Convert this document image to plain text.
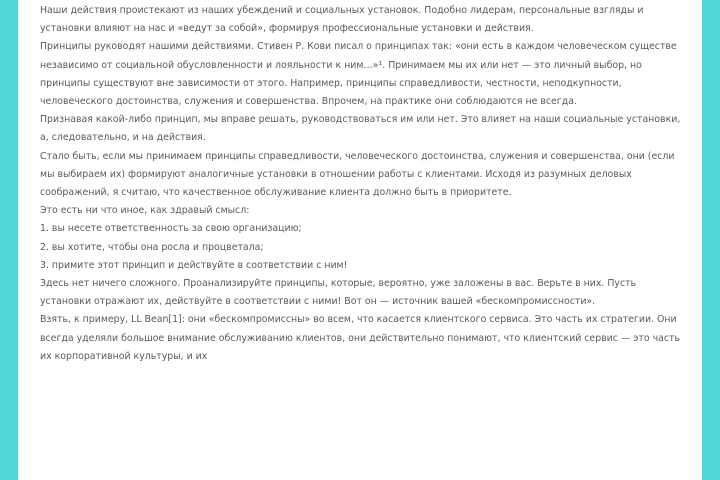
Наши действия проистекают из наших убеждений и социальных установок. Подобно лидерам, персональные взгляды и установки влияют на нас и «ведут за собой», формируя профессиональные установки и действия.

Принципы руководят нашими действиями. Стивен Р. Кови писал о принципах так: «они есть в каждом человеческом существе независимо от социальной обусловленности и лояльности к ним…»¹. Принимаем мы их или нет — это личный выбор, но принципы существуют вне зависимости от этого. Например, принципы справедливости, честности, неподкупности, человеческого достоинства, служения и совершенства. Впрочем, на практике они соблюдаются не всегда.

Признавая какой-либо принцип, мы вправе решать, руководствоваться им или нет. Это влияет на наши социальные установки, а, следовательно, и на действия.

Стало быть, если мы принимаем принципы справедливости, человеческого достоинства, служения и совершенства, они (если мы выбираем их) формируют аналогичные установки в отношении работы с клиентами. Исходя из разумных деловых соображений, я считаю, что качественное обслуживание клиента должно быть в приоритете.

Это есть ни что иное, как здравый смысл:

1. вы несете ответственность за свою организацию;

2. вы хотите, чтобы она росла и процветала;

3. примите этот принцип и действуйте в соответствии с ним!

Здесь нет ничего сложного. Проанализируйте принципы, которые, вероятно, уже заложены в вас. Верьте в них. Пусть установки отражают их, действуйте в соответствии с ними! Вот он — источник вашей «бескомпромиссности».

Взять, к примеру, LL Bean[1]: они «бескомпромиссны» во всем, что касается клиентского сервиса. Это часть их стратегии. Они всегда уделяли большое внимание обслуживанию клиентов, они действительно понимают, что клиентский сервис — это часть их корпоративной культуры, и их
